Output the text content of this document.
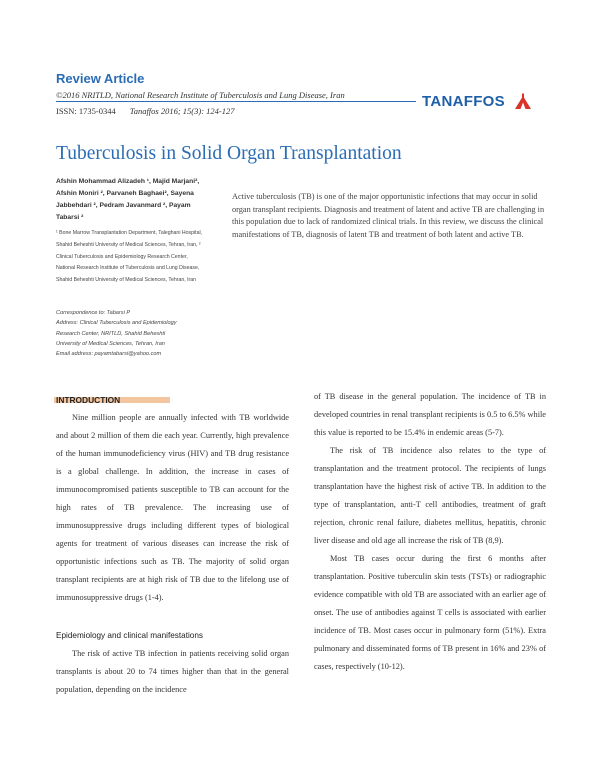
Review Article
©2016 NRITLD, National Research Institute of Tuberculosis and Lung Disease, Iran
ISSN: 1735-0344 Tanaffos 2016; 15(3): 124-127
TANAFFOS
Tuberculosis in Solid Organ Transplantation
Afshin Mohammad Alizadeh ¹, Majid Marjani², Afshin Moniri ², Parvaneh Baghaei², Sayena Jabbehdari ², Pedram Javanmard ², Payam Tabarsi ²
¹ Bone Marrow Transplantation Department, Taleghani Hospital, Shahid Beheshti University of Medical Sciences, Tehran, Iran, ² Clinical Tuberculosis and Epidemiology Research Center, National Research Institute of Tuberculosis and Lung Disease, Shahid Beheshti University of Medical Sciences, Tehran, Iran
Correspondence to: Tabarsi P
Address: Clinical Tuberculosis and Epidemiology
Research Center, NRITLD, Shahid Beheshti
University of Medical Sciences, Tehran, Iran
Email address: payamtabarsi@yahoo.com
Active tuberculosis (TB) is one of the major opportunistic infections that may occur in solid organ transplant recipients. Diagnosis and treatment of latent and active TB are challenging in this population due to lack of randomized clinical trials. In this review, we discuss the clinical manifestations of TB, diagnosis of latent TB and treatment of both latent and active TB.
INTRODUCTION

Nine million people are annually infected with TB worldwide and about 2 million of them die each year. Currently, high prevalence of the human immunodeficiency virus (HIV) and TB drug resistance is a global challenge. In addition, the increase in cases of immunocompromised patients susceptible to TB can account for the high rates of TB prevalence. The increasing use of immunosuppressive drugs including different types of biological agents for treatment of various diseases can increase the risk of opportunistic infections such as TB. The majority of solid organ transplant recipients are at high risk of TB due to the lifelong use of immunosuppressive drugs (1-4).

Epidemiology and clinical manifestations

The risk of active TB infection in patients receiving solid organ transplants is about 20 to 74 times higher than that in the general population, depending on the incidence

of TB disease in the general population. The incidence of TB in developed countries in renal transplant recipients is 0.5 to 6.5% while this value is reported to be 15.4% in endemic areas (5-7).

The risk of TB incidence also relates to the type of transplantation and the treatment protocol. The recipients of lungs transplantation have the highest risk of active TB. In addition to the type of transplantation, anti-T cell antibodies, treatment of graft rejection, chronic renal failure, diabetes mellitus, hepatitis, chronic liver disease and old age all increase the risk of TB (8,9).

Most TB cases occur during the first 6 months after transplantation. Positive tuberculin skin tests (TSTs) or radiographic evidence compatible with old TB are associated with an earlier age of onset. The use of antibodies against T cells is associated with earlier incidence of TB. Most cases occur in pulmonary form (51%). Extra pulmonary and disseminated forms of TB present in 16% and 23% of cases, respectively (10-12).
